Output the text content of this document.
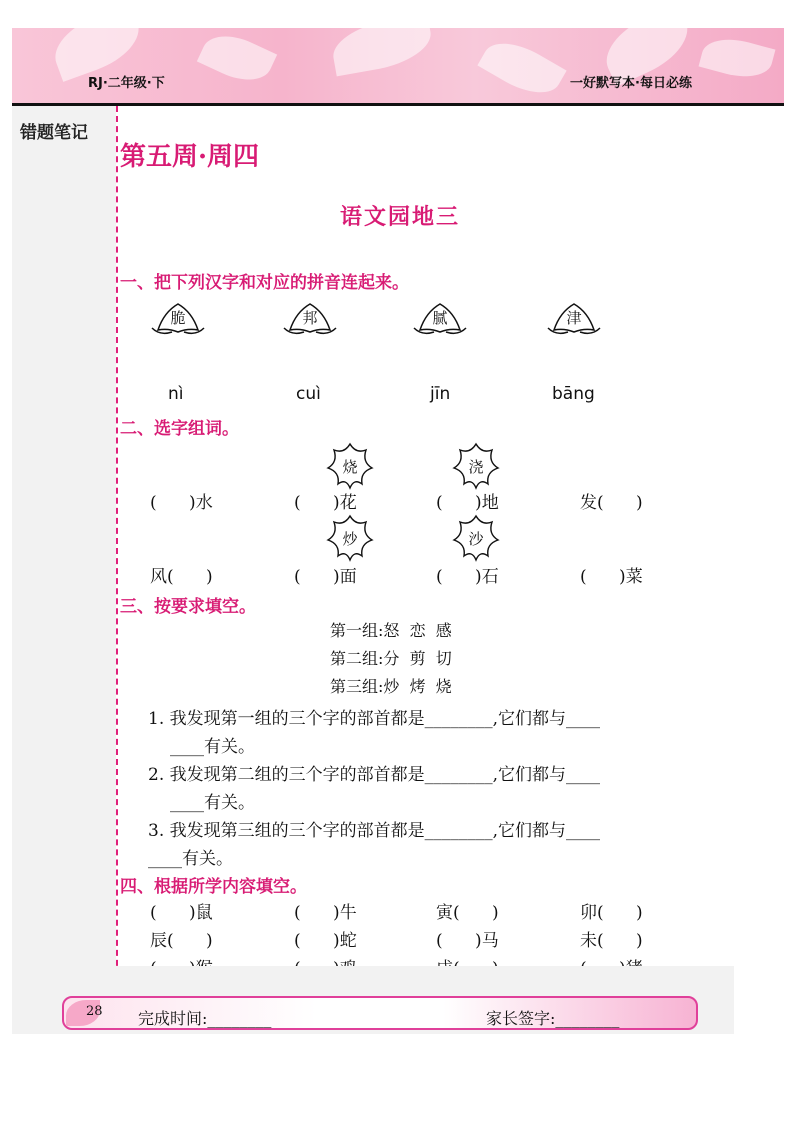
RJ·二年级·下	一好默写本·每日必练
错题笔记
第五周·周四
语文园地三
一、把下列汉字和对应的拼音连起来。
脆	邦	腻	津
nì	cuì	jīn	bāng
二、选字组词。
烧	浇
(      )水	(      )花	(      )地	发(      )
炒	沙
风(      )	(      )面	(      )石	(      )菜
三、按要求填空。
第一组:怒  恋  感
第二组:分  剪  切
第三组:炒  烤  烧
1. 我发现第一组的三个字的部首都是________,它们都与____
____有关。
2. 我发现第二组的三个字的部首都是________,它们都与____
____有关。
3. 我发现第三组的三个字的部首都是________,它们都与____
____有关。
四、根据所学内容填空。
(      )鼠	(      )牛	寅(      )	卯(      )
辰(      )	(      )蛇	(      )马	未(      )
28 完成时间:________	家长签字:________
